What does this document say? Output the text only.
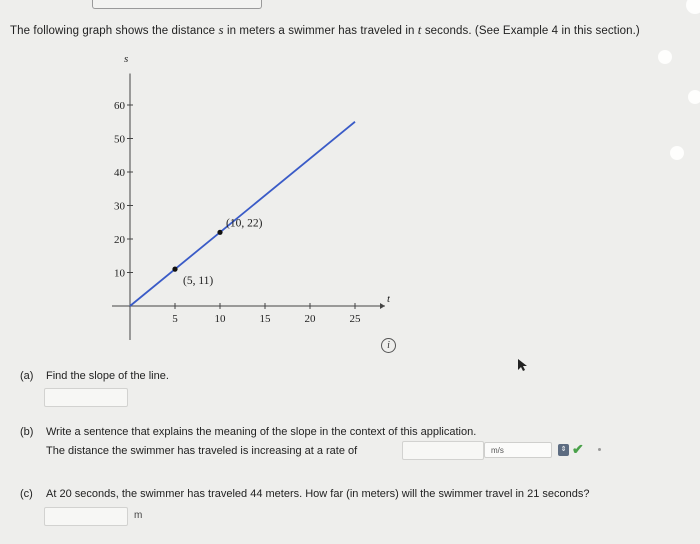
The following graph shows the distance s in meters a swimmer has traveled in t seconds. (See Example 4 in this section.)
t
s
5	10	15	20	25
10
20
30
40
50
60
(5, 11)
(10, 22)
i
(a) Find the slope of the line.
(b) Write a sentence that explains the meaning of the slope in the context of this application.
The distance the swimmer has traveled is increasing at a rate of	m/s	⇕ ✔
(c) At 20 seconds, the swimmer has traveled 44 meters. How far (in meters) will the swimmer travel in 21 seconds?
m
